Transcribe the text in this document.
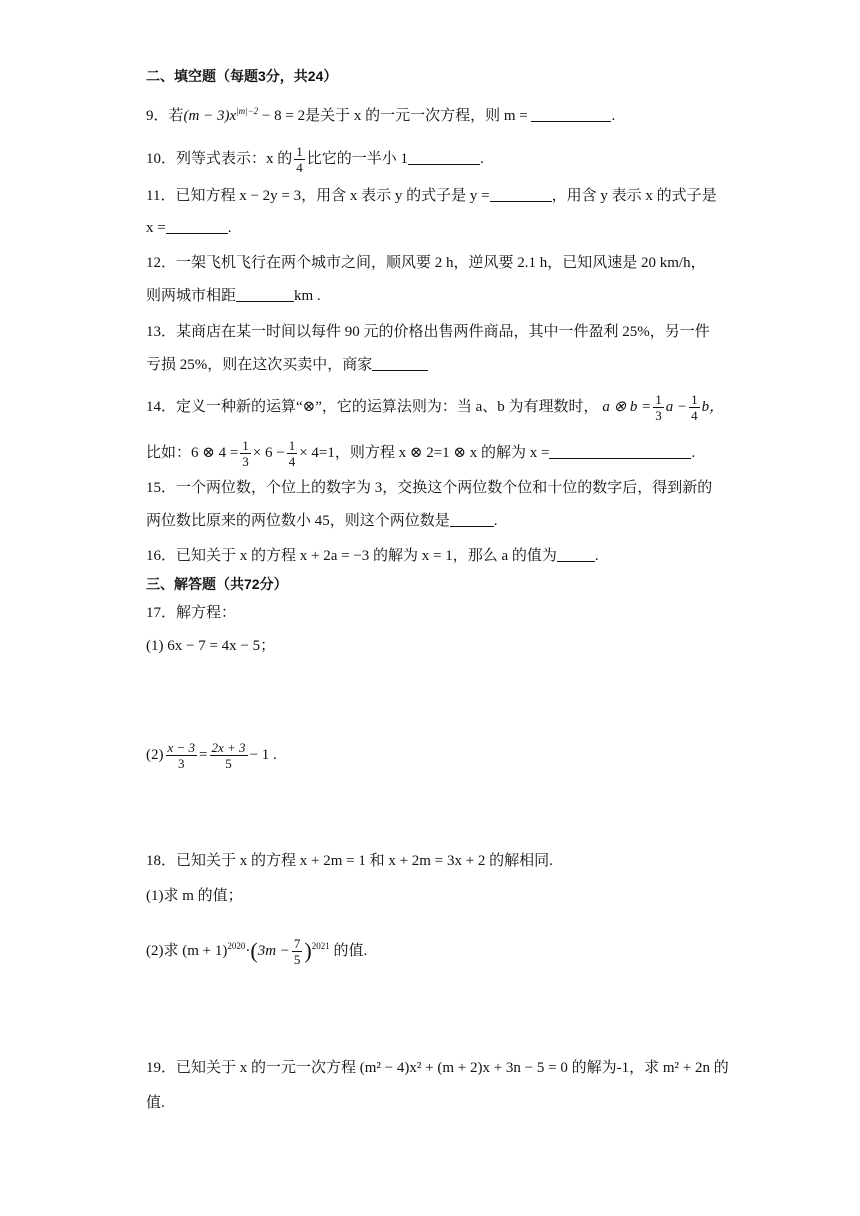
二、填空题（每题3分，共24）
9．若$(m - 3)x^{|m|-2} - 8 = 2$是关于 x 的一元一次方程，则 m =	.
10．列等式表示：x 的 $\frac{1}{4}$ 比它的一半小 1	.
11．已知方程 x − 2y = 3，用含 x 表示 y 的式子是 y =	，用含 y 表示 x 的式子是
x =	.
12．一架飞机飞行在两个城市之间，顺风要 2 h，逆风要 2.1 h，已知风速是 20 km/h，
则两城市相距	km .
13．某商店在某一时间以每件 90 元的价格出售两件商品，其中一件盈利 25%，另一件
亏损 25%，则在这次买卖中，商家
14．定义一种新的运算“⊗”，它的运算法则为：当 a、b 为有理数时， a ⊗ $b = \frac{1}{3}$ $a - \frac{1}{4}$ b，
比如：6 ⊗ $4 = \frac{1}{3} \times 6 - \frac{1}{4} \times 4=1$，则方程 x ⊗ 2=1 ⊗ x 的解为 x =	.
15．一个两位数，个位上的数字为 3，交换这个两位数个位和十位的数字后，得到新的
两位数比原来的两位数小 45，则这个两位数是	.
16．已知关于 x 的方程 x + 2a = −3 的解为 x = 1，那么 a 的值为	.
三、解答题（共72分）
17．解方程：
(1) 6x − 7 = 4x − 5；
$(2) \frac{x - 3}{3} = \frac{2x + 3}{5} - 1$ .
18．已知关于 x 的方程 x + 2m = 1 和 x + 2m = 3x + 2 的解相同.
(1)求 m 的值；
(2)求 $(m + 1)^{2020}\cdot(3m - \frac{7}{5} )^{2021}$ 的值.
19．已知关于 x 的一元一次方程 (m² − 4)x² + (m + 2)x + 3n − 5 = 0 的解为-1，求 m² + 2n 的
值.
